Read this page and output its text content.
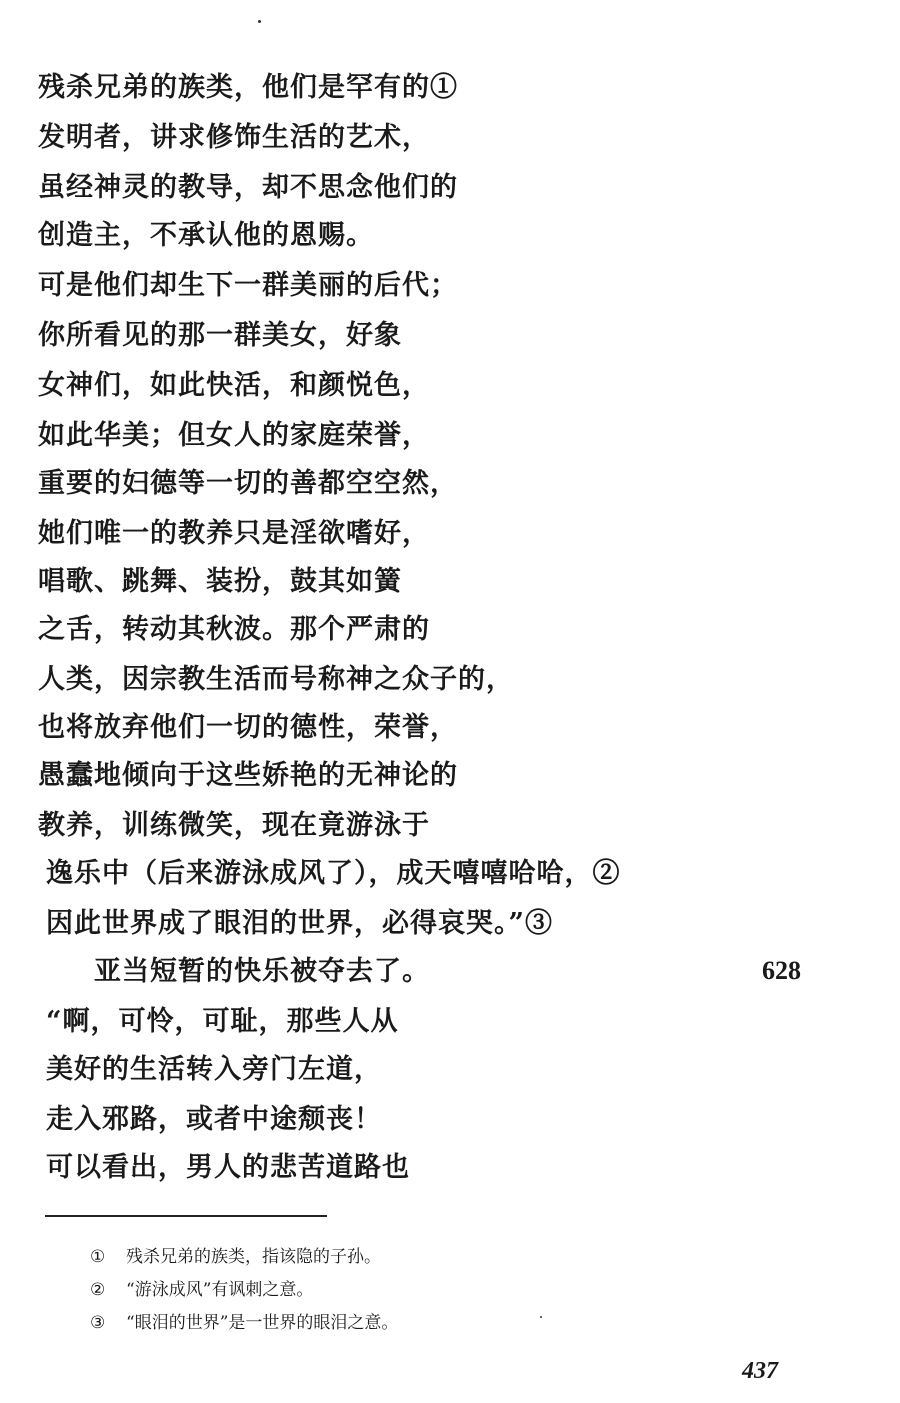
残杀兄弟的族类，他们是罕有的①
发明者，讲求修饰生活的艺术，
虽经神灵的教导，却不思念他们的
创造主，不承认他的恩赐。
可是他们却生下一群美丽的后代；
你所看见的那一群美女，好象
女神们，如此快活，和颜悦色，
如此华美；但女人的家庭荣誉，
重要的妇德等一切的善都空空然，
她们唯一的教养只是淫欲嗜好，
唱歌、跳舞、装扮，鼓其如簧
之舌，转动其秋波。那个严肃的
人类，因宗教生活而号称神之众子的，
也将放弃他们一切的德性，荣誉，
愚蠢地倾向于这些娇艳的无神论的
教养，训练微笑，现在竟游泳于
逸乐中（后来游泳成风了），成天嘻嘻哈哈，②
因此世界成了眼泪的世界，必得哀哭。”③
　　亚当短暂的快乐被夺去了。
“啊，可怜，可耻，那些人从
美好的生活转入旁门左道，
走入邪路，或者中途颓丧！
可以看出，男人的悲苦道路也
628
① 残杀兄弟的族类，指该隐的子孙。
② “游泳成风”有讽刺之意。
③ “眼泪的世界”是一世界的眼泪之意。
437
